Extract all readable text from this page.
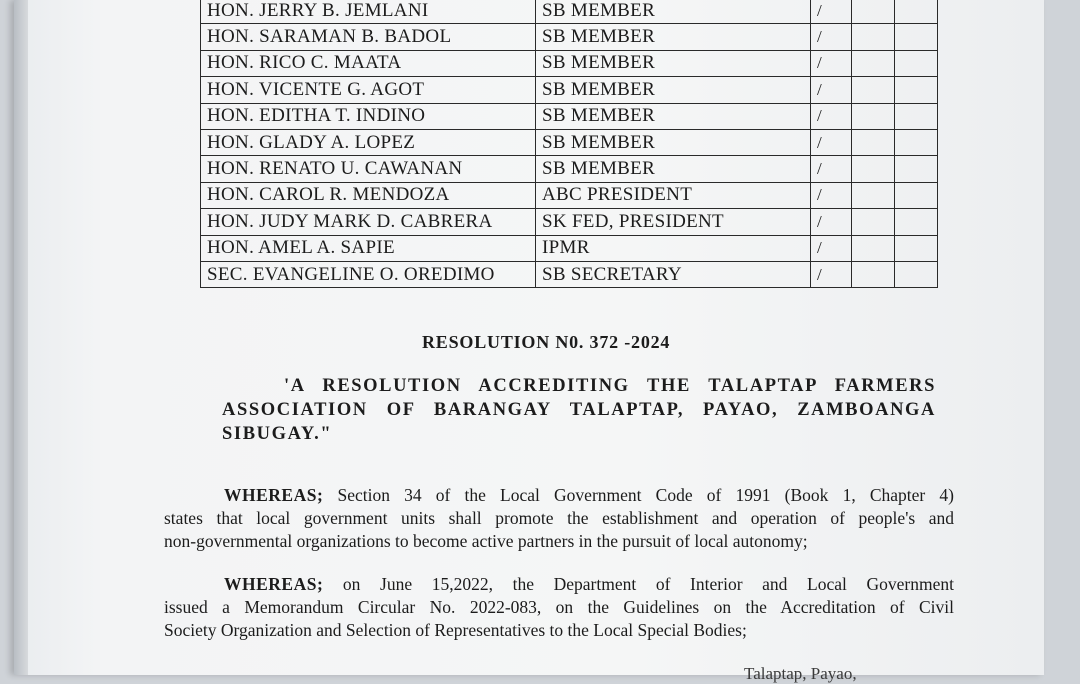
HON. JERRY B. JEMLANI	SB MEMBER	/		
HON. SARAMAN B. BADOL	SB MEMBER	/		
HON. RICO C. MAATA	SB MEMBER	/		
HON. VICENTE G. AGOT	SB MEMBER	/		
HON. EDITHA T. INDINO	SB MEMBER	/		
HON. GLADY A. LOPEZ	SB MEMBER	/		
HON. RENATO U. CAWANAN	SB MEMBER	/		
HON. CAROL R. MENDOZA	ABC PRESIDENT	/		
HON. JUDY MARK D. CABRERA	SK FED, PRESIDENT	/		
HON. AMEL A. SAPIE	IPMR	/		
SEC. EVANGELINE O. OREDIMO	SB SECRETARY	/		
RESOLUTION N0. 372 -2024
'A RESOLUTION ACCREDITING THE TALAPTAP FARMERS
ASSOCIATION OF BARANGAY TALAPTAP, PAYAO, ZAMBOANGA
SIBUGAY."
WHEREAS; Section 34 of the Local Government Code of 1991 (Book 1, Chapter 4)
states that local government units shall promote the establishment and operation of people's and
non-governmental organizations to become active partners in the pursuit of local autonomy;
WHEREAS; on June 15,2022, the Department of Interior and Local Government
issued a Memorandum Circular No. 2022-083, on the Guidelines on the Accreditation of Civil
Society Organization and Selection of Representatives to the Local Special Bodies;
Talaptap, Payao,
